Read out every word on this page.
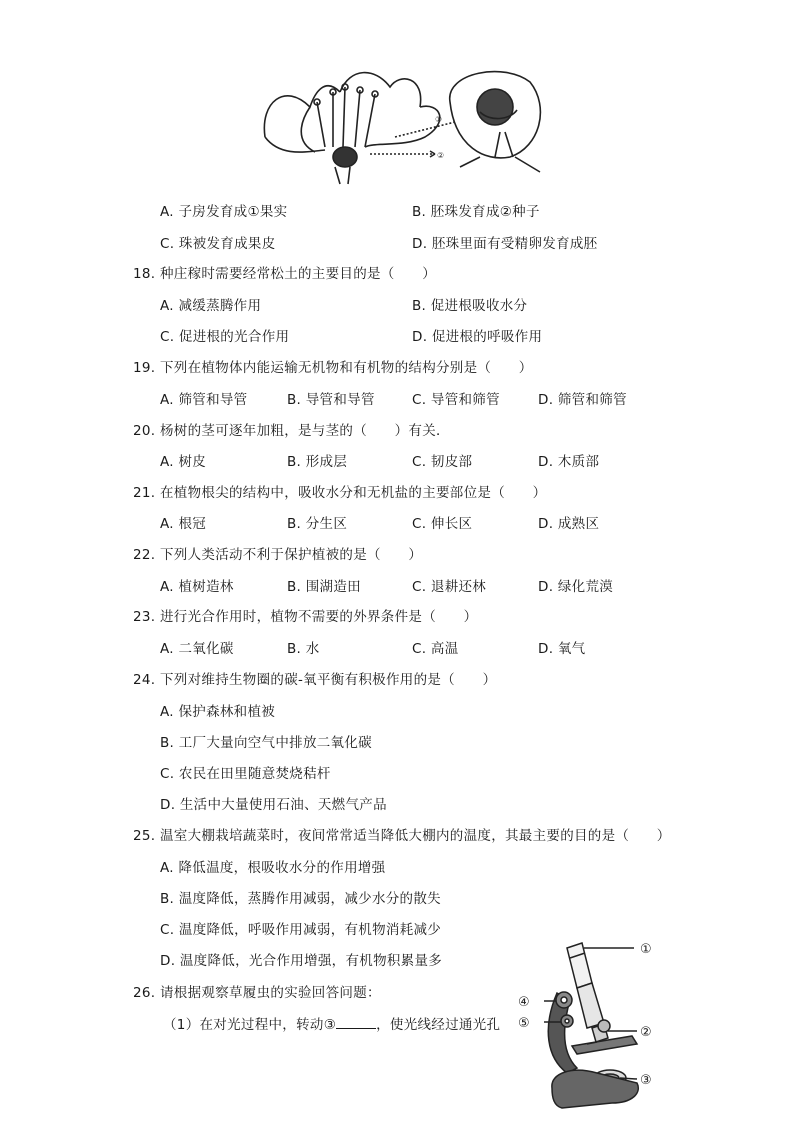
①
②
A. 子房发育成①果实	B. 胚珠发育成②种子
C. 珠被发育成果皮	D. 胚珠里面有受精卵发育成胚
18. 种庄稼时需要经常松土的主要目的是（　　）
A. 减缓蒸腾作用	B. 促进根吸收水分
C. 促进根的光合作用	D. 促进根的呼吸作用
19. 下列在植物体内能运输无机物和有机物的结构分别是（　　）
A. 筛管和导管	B. 导管和导管	C. 导管和筛管	D. 筛管和筛管
20. 杨树的茎可逐年加粗，是与茎的（　　）有关．
A. 树皮	B. 形成层	C. 韧皮部	D. 木质部
21. 在植物根尖的结构中，吸收水分和无机盐的主要部位是（　　）
A. 根冠	B. 分生区	C. 伸长区	D. 成熟区
22. 下列人类活动不利于保护植被的是（　　）
A. 植树造林	B. 围湖造田	C. 退耕还林	D. 绿化荒漠
23. 进行光合作用时，植物不需要的外界条件是（　　）
A. 二氧化碳	B. 水	C. 高温	D. 氧气
24. 下列对维持生物圈的碳-氧平衡有积极作用的是（　　）
A. 保护森林和植被
B. 工厂大量向空气中排放二氧化碳
C. 农民在田里随意焚烧秸杆
D. 生活中大量使用石油、天燃气产品
25. 温室大棚栽培蔬菜时，夜间常常适当降低大棚内的温度，其最主要的目的是（　　）
A. 降低温度，根吸收水分的作用增强
B. 温度降低，蒸腾作用减弱，减少水分的散失
C. 温度降低，呼吸作用减弱，有机物消耗减少
D. 温度降低，光合作用增强，有机物积累量多
26. 请根据观察草履虫的实验回答问题：
（1）在对光过程中，转动③	，使光线经过通光孔
①
②
③
④
⑤
